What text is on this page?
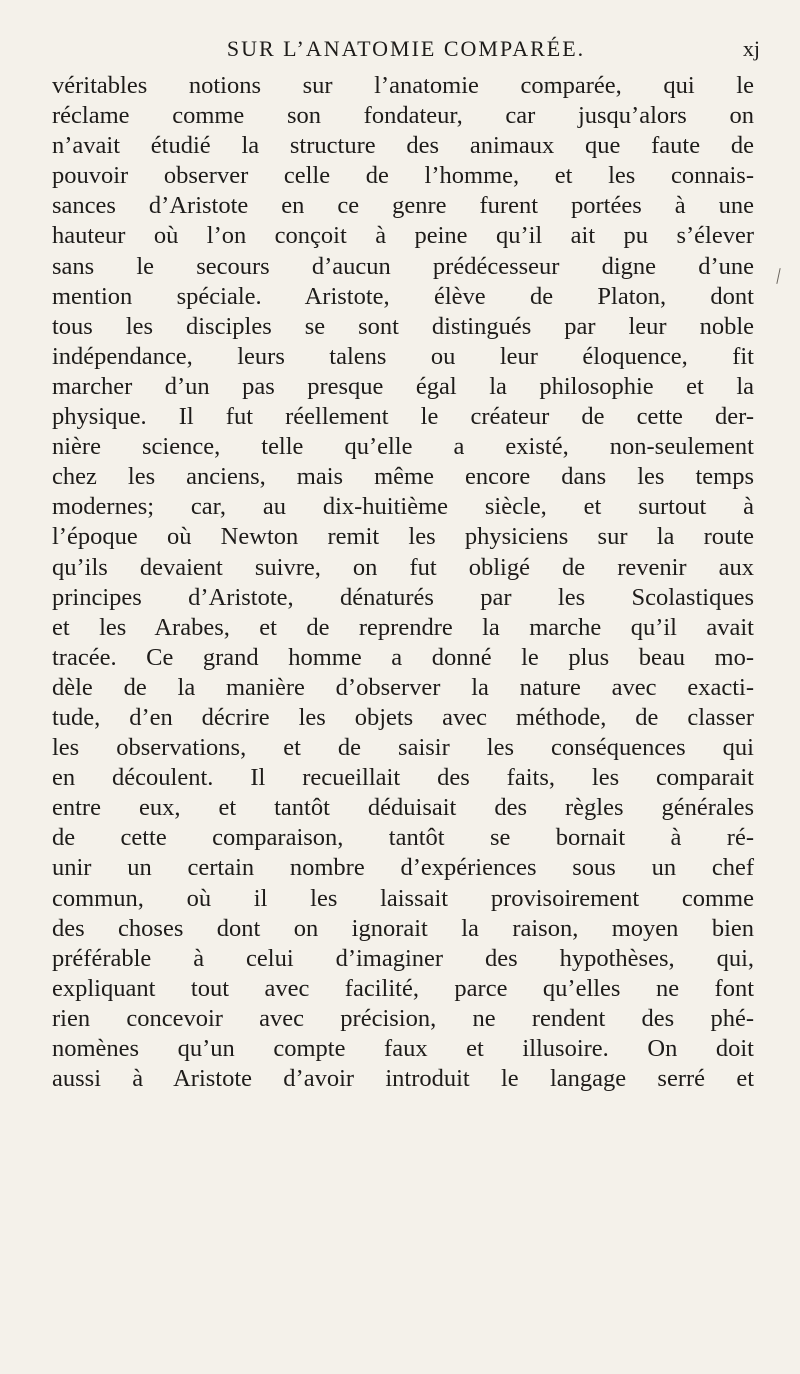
SUR L’ANATOMIE COMPARÉE.	xj
véritables notions sur l’anatomie comparée, qui le
réclame comme son fondateur, car jusqu’alors on
n’avait étudié la structure des animaux que faute de
pouvoir observer celle de l’homme, et les connais-
sances d’Aristote en ce genre furent portées à une
hauteur où l’on conçoit à peine qu’il ait pu s’élever
sans le secours d’aucun prédécesseur digne d’une
mention spéciale. Aristote, élève de Platon, dont
tous les disciples se sont distingués par leur noble
indépendance, leurs talens ou leur éloquence, fit
marcher d’un pas presque égal la philosophie et la
physique. Il fut réellement le créateur de cette der-
nière science, telle qu’elle a existé, non-seulement
chez les anciens, mais même encore dans les temps
modernes; car, au dix-huitième siècle, et surtout à
l’époque où Newton remit les physiciens sur la route
qu’ils devaient suivre, on fut obligé de revenir aux
principes d’Aristote, dénaturés par les Scolastiques
et les Arabes, et de reprendre la marche qu’il avait
tracée. Ce grand homme a donné le plus beau mo-
dèle de la manière d’observer la nature avec exacti-
tude, d’en décrire les objets avec méthode, de classer
les observations, et de saisir les conséquences qui
en découlent. Il recueillait des faits, les comparait
entre eux, et tantôt déduisait des règles générales
de cette comparaison, tantôt se bornait à ré-
unir un certain nombre d’expériences sous un chef
commun, où il les laissait provisoirement comme
des choses dont on ignorait la raison, moyen bien
préférable à celui d’imaginer des hypothèses, qui,
expliquant tout avec facilité, parce qu’elles ne font
rien concevoir avec précision, ne rendent des phé-
nomènes qu’un compte faux et illusoire. On doit
aussi à Aristote d’avoir introduit le langage serré et
